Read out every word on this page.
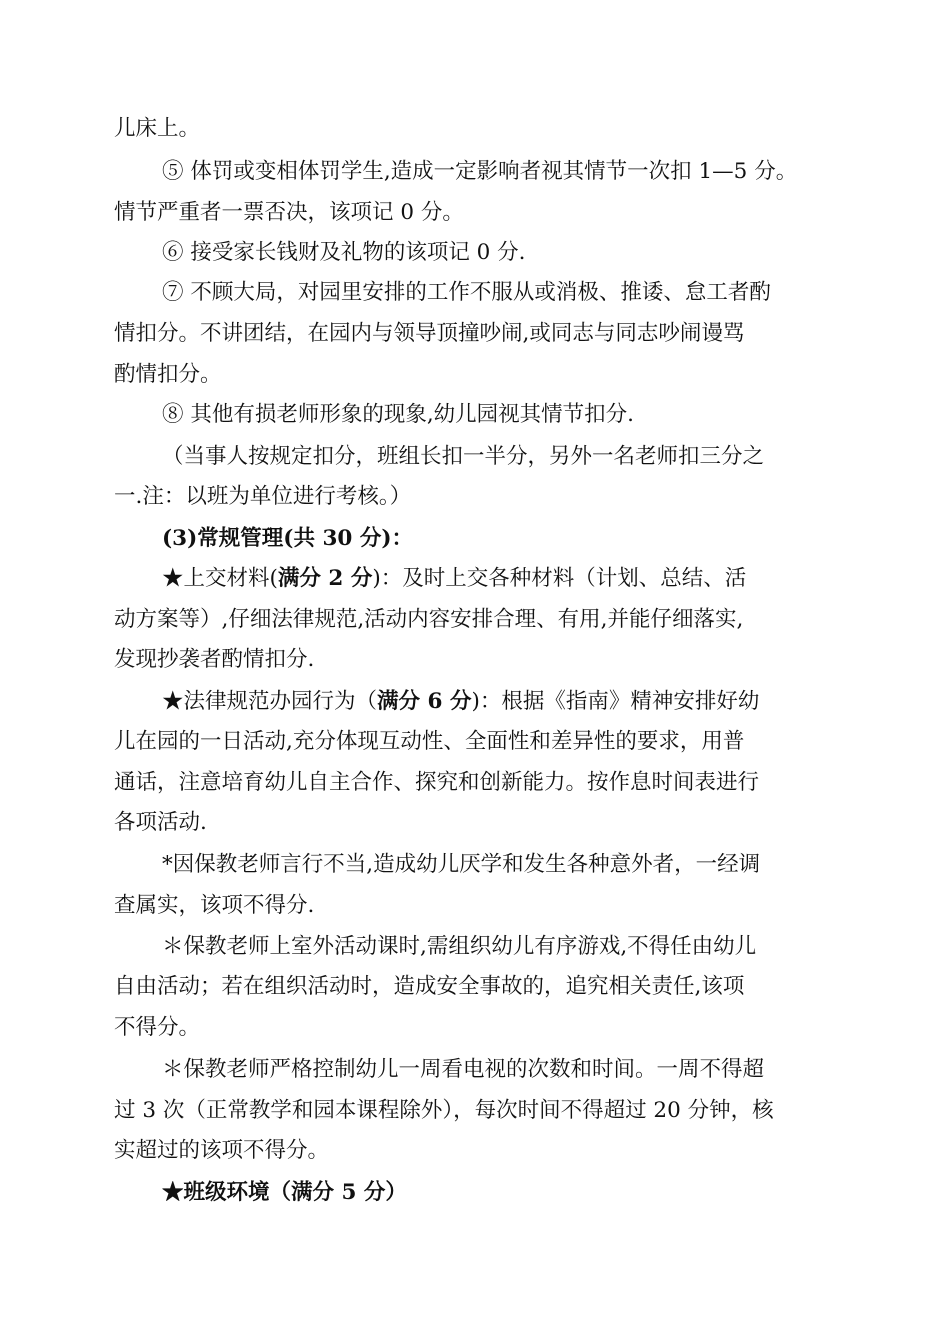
儿床上。
⑤ 体罚或变相体罚学生,造成一定影响者视其情节一次扣 1—5 分。
情节严重者一票否决，该项记 0 分。
⑥ 接受家长钱财及礼物的该项记 0 分.
⑦ 不顾大局，对园里安排的工作不服从或消极、推诿、怠工者酌
情扣分。不讲团结，在园内与领导顶撞吵闹,或同志与同志吵闹谩骂
酌情扣分。
⑧ 其他有损老师形象的现象,幼儿园视其情节扣分.
（当事人按规定扣分，班组长扣一半分，另外一名老师扣三分之
一.注：以班为单位进行考核。）
(3)常规管理(共 30 分)：
★上交材料(满分 2 分)：及时上交各种材料（计划、总结、活
动方案等）,仔细法律规范,活动内容安排合理、有用,并能仔细落实,
发现抄袭者酌情扣分.
★法律规范办园行为（满分 6 分)：根据《指南》精神安排好幼
儿在园的一日活动,充分体现互动性、全面性和差异性的要求，用普
通话，注意培育幼儿自主合作、探究和创新能力。按作息时间表进行
各项活动.
*因保教老师言行不当,造成幼儿厌学和发生各种意外者，一经调
查属实，该项不得分.
＊保教老师上室外活动课时,需组织幼儿有序游戏,不得任由幼儿
自由活动；若在组织活动时，造成安全事故的，追究相关责任,该项
不得分。
＊保教老师严格控制幼儿一周看电视的次数和时间。一周不得超
过 3 次（正常教学和园本课程除外），每次时间不得超过 20 分钟，核
实超过的该项不得分。
★班级环境（满分 5 分）
